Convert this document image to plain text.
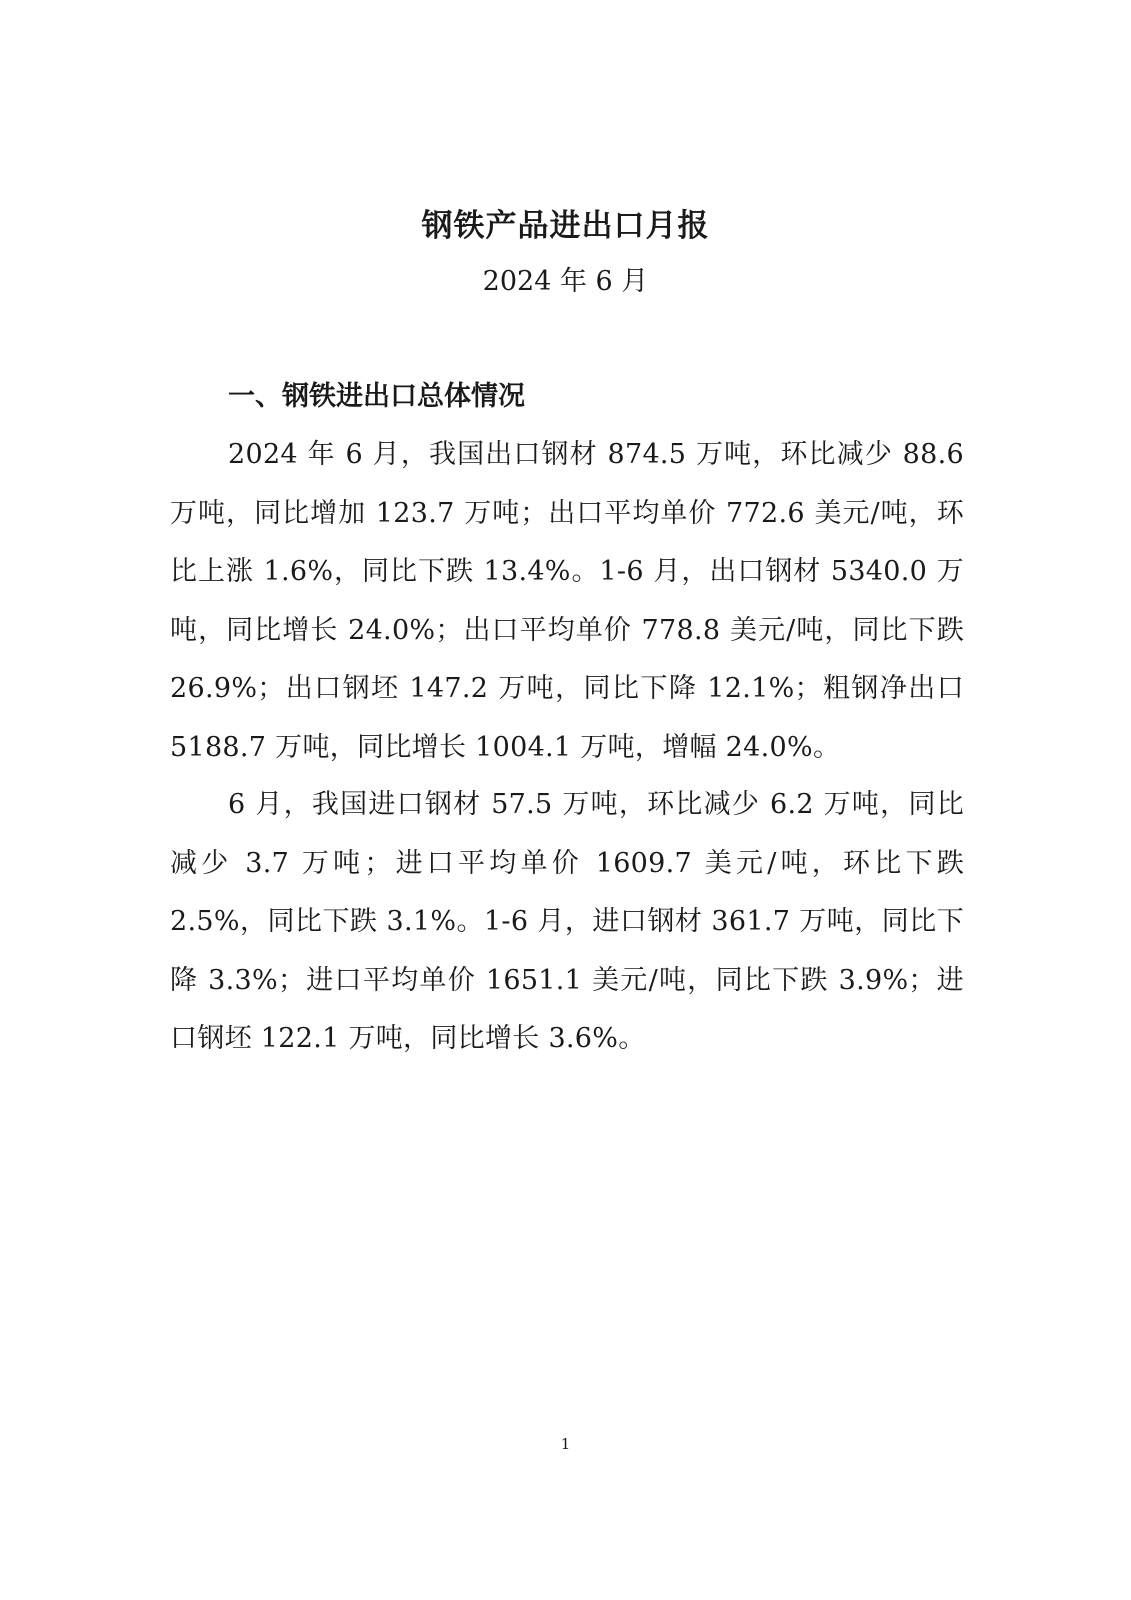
钢铁产品进出口月报
2024 年 6 月
一、钢铁进出口总体情况

2024 年 6 月，我国出口钢材 874.5 万吨，环比减少 88.6 万吨，同比增加 123.7 万吨；出口平均单价 772.6 美元/吨，环比上涨 1.6%，同比下跌 13.4%。1-6 月，出口钢材 5340.0 万吨，同比增长 24.0%；出口平均单价 778.8 美元/吨，同比下跌 26.9%；出口钢坯 147.2 万吨，同比下降 12.1%；粗钢净出口 5188.7 万吨，同比增长 1004.1 万吨，增幅 24.0%。

6 月，我国进口钢材 57.5 万吨，环比减少 6.2 万吨，同比减少 3.7 万吨；进口平均单价 1609.7 美元/吨，环比下跌 2.5%，同比下跌 3.1%。1-6 月，进口钢材 361.7 万吨，同比下降 3.3%；进口平均单价 1651.1 美元/吨，同比下跌 3.9%；进口钢坯 122.1 万吨，同比增长 3.6%。

1
